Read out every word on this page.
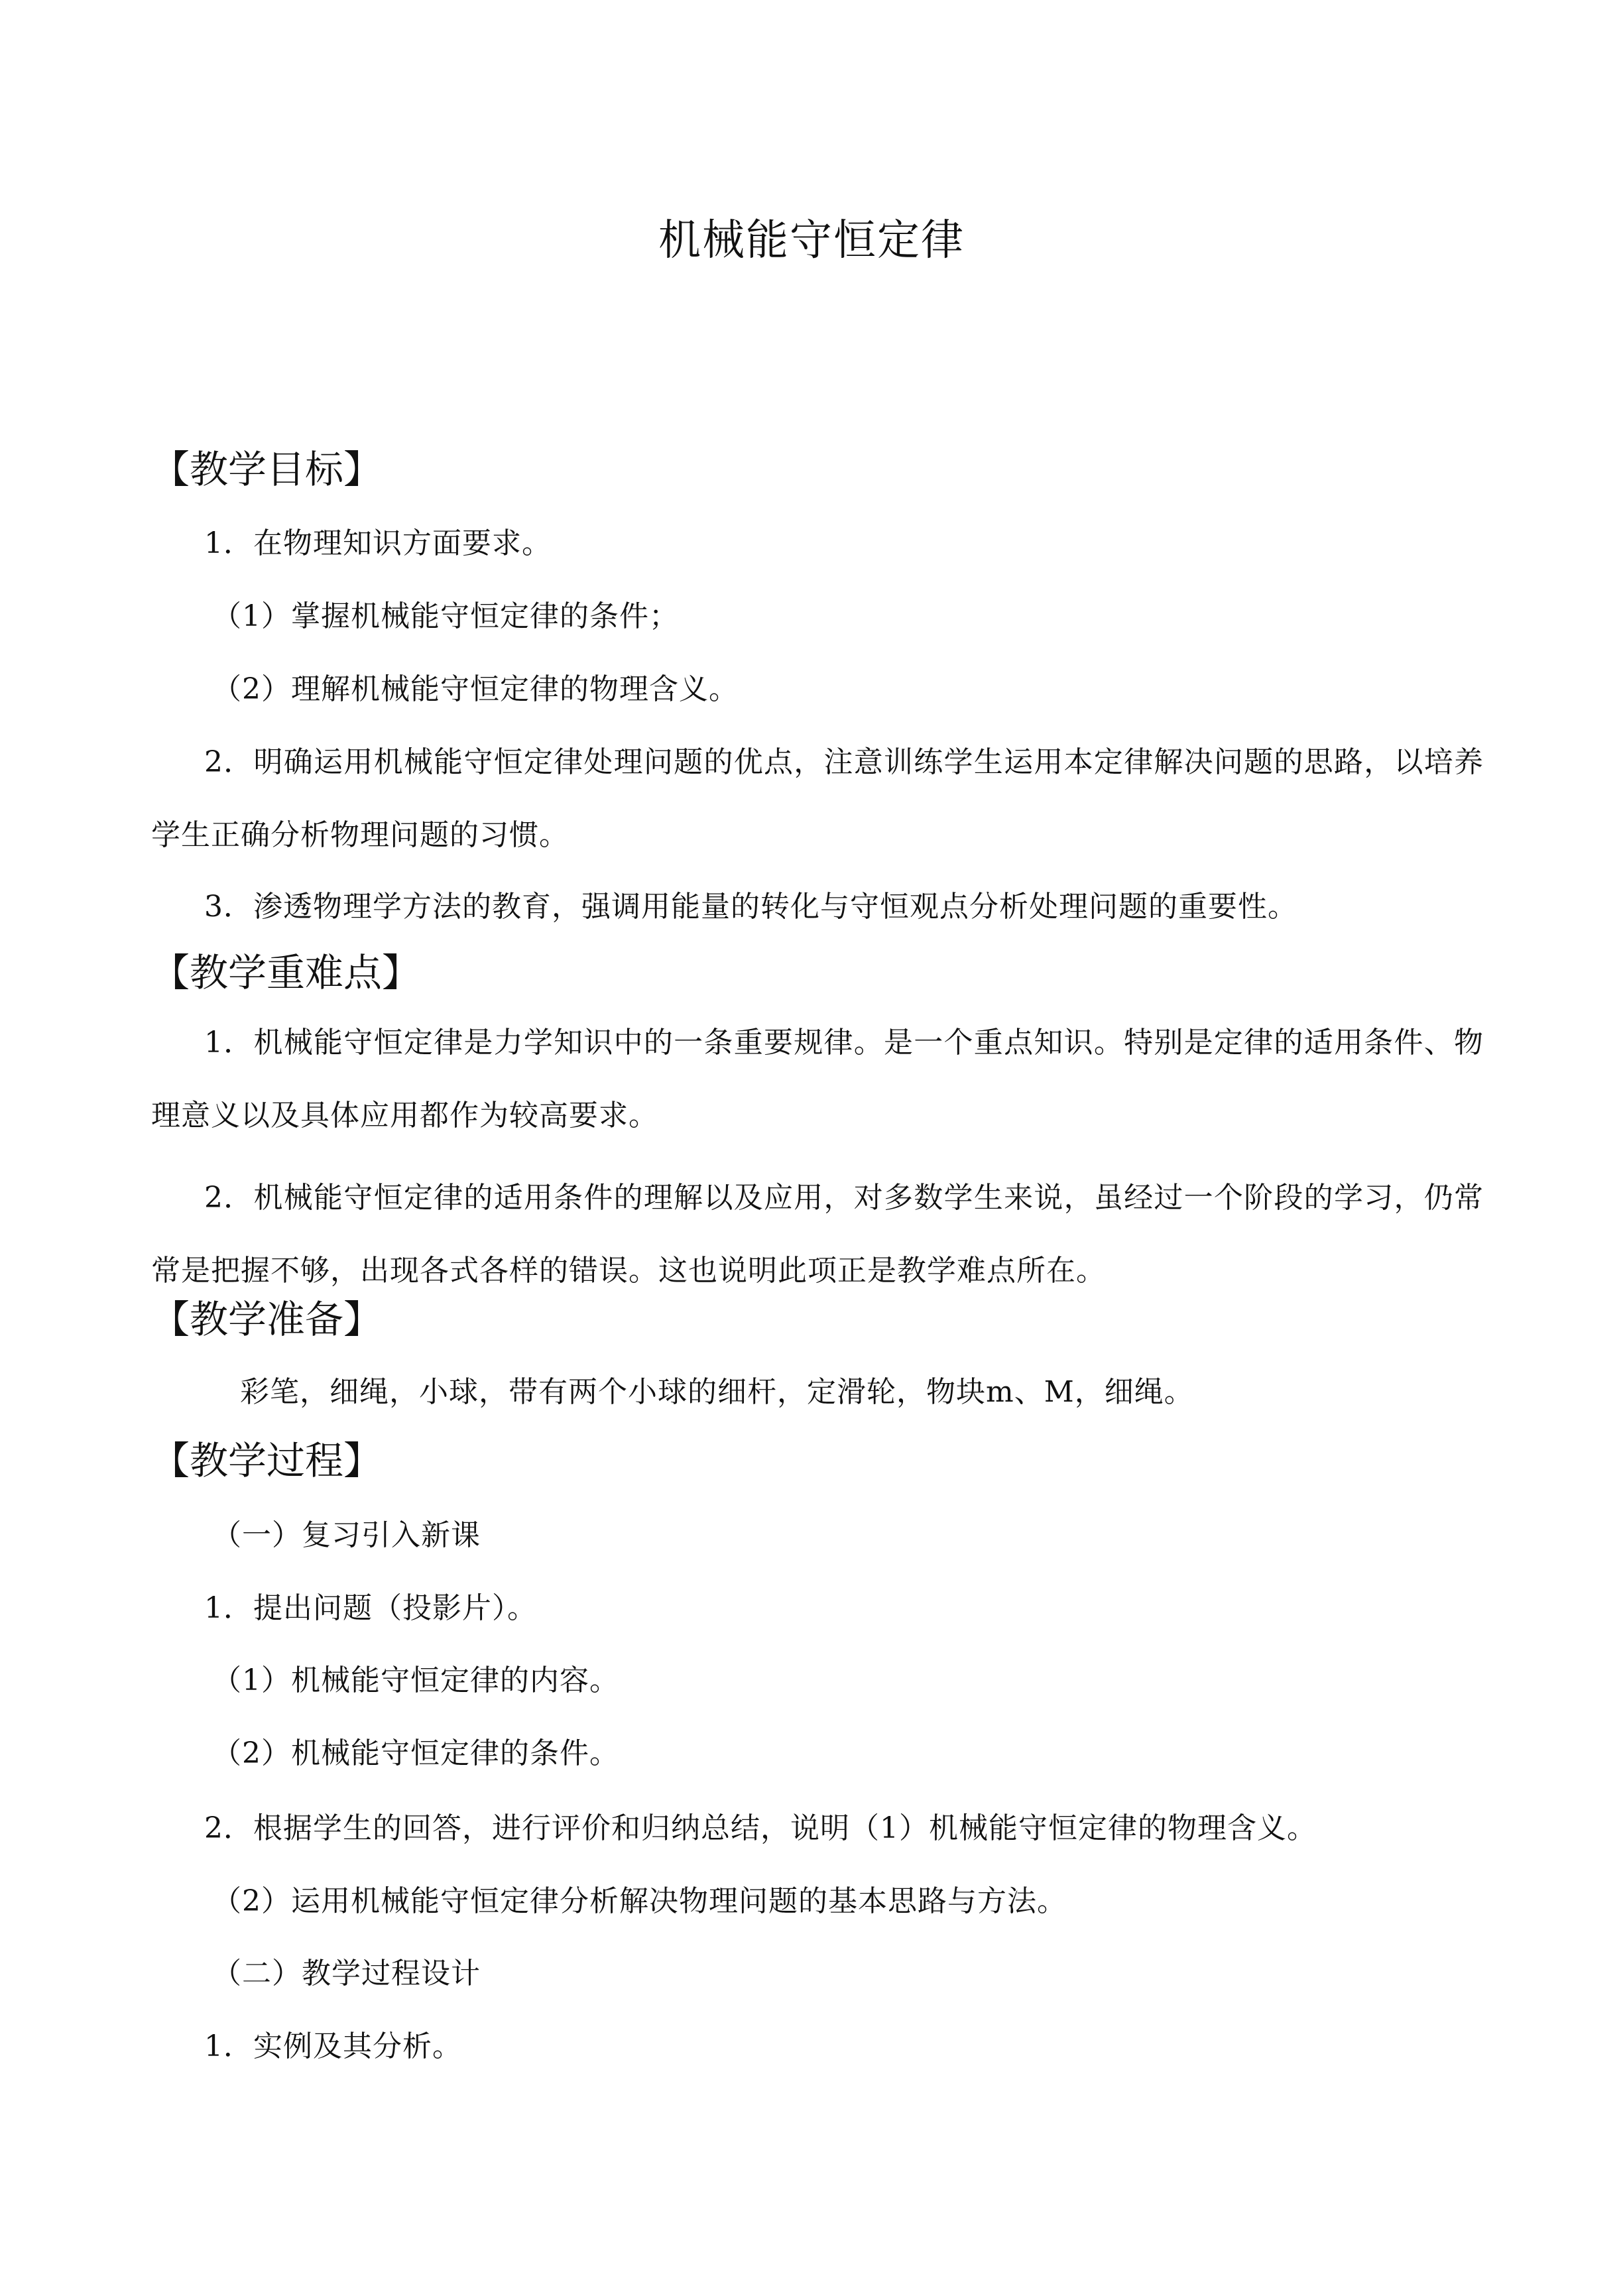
机械能守恒定律
【教学目标】
1．在物理知识方面要求。
（1）掌握机械能守恒定律的条件；
（2）理解机械能守恒定律的物理含义。
2．明确运用机械能守恒定律处理问题的优点，注意训练学生运用本定律解决问题的思路，以培养学生正确分析物理问题的习惯。
3．渗透物理学方法的教育，强调用能量的转化与守恒观点分析处理问题的重要性。
【教学重难点】
1．机械能守恒定律是力学知识中的一条重要规律。是一个重点知识。特别是定律的适用条件、物理意义以及具体应用都作为较高要求。
2．机械能守恒定律的适用条件的理解以及应用，对多数学生来说，虽经过一个阶段的学习，仍常常是把握不够，出现各式各样的错误。这也说明此项正是教学难点所在。
【教学准备】
彩笔，细绳，小球，带有两个小球的细杆，定滑轮，物块m、M，细绳。
【教学过程】
（一）复习引入新课
1．提出问题（投影片）。
（1）机械能守恒定律的内容。
（2）机械能守恒定律的条件。
2．根据学生的回答，进行评价和归纳总结，说明（1）机械能守恒定律的物理含义。
（2）运用机械能守恒定律分析解决物理问题的基本思路与方法。
（二）教学过程设计
1．实例及其分析。
